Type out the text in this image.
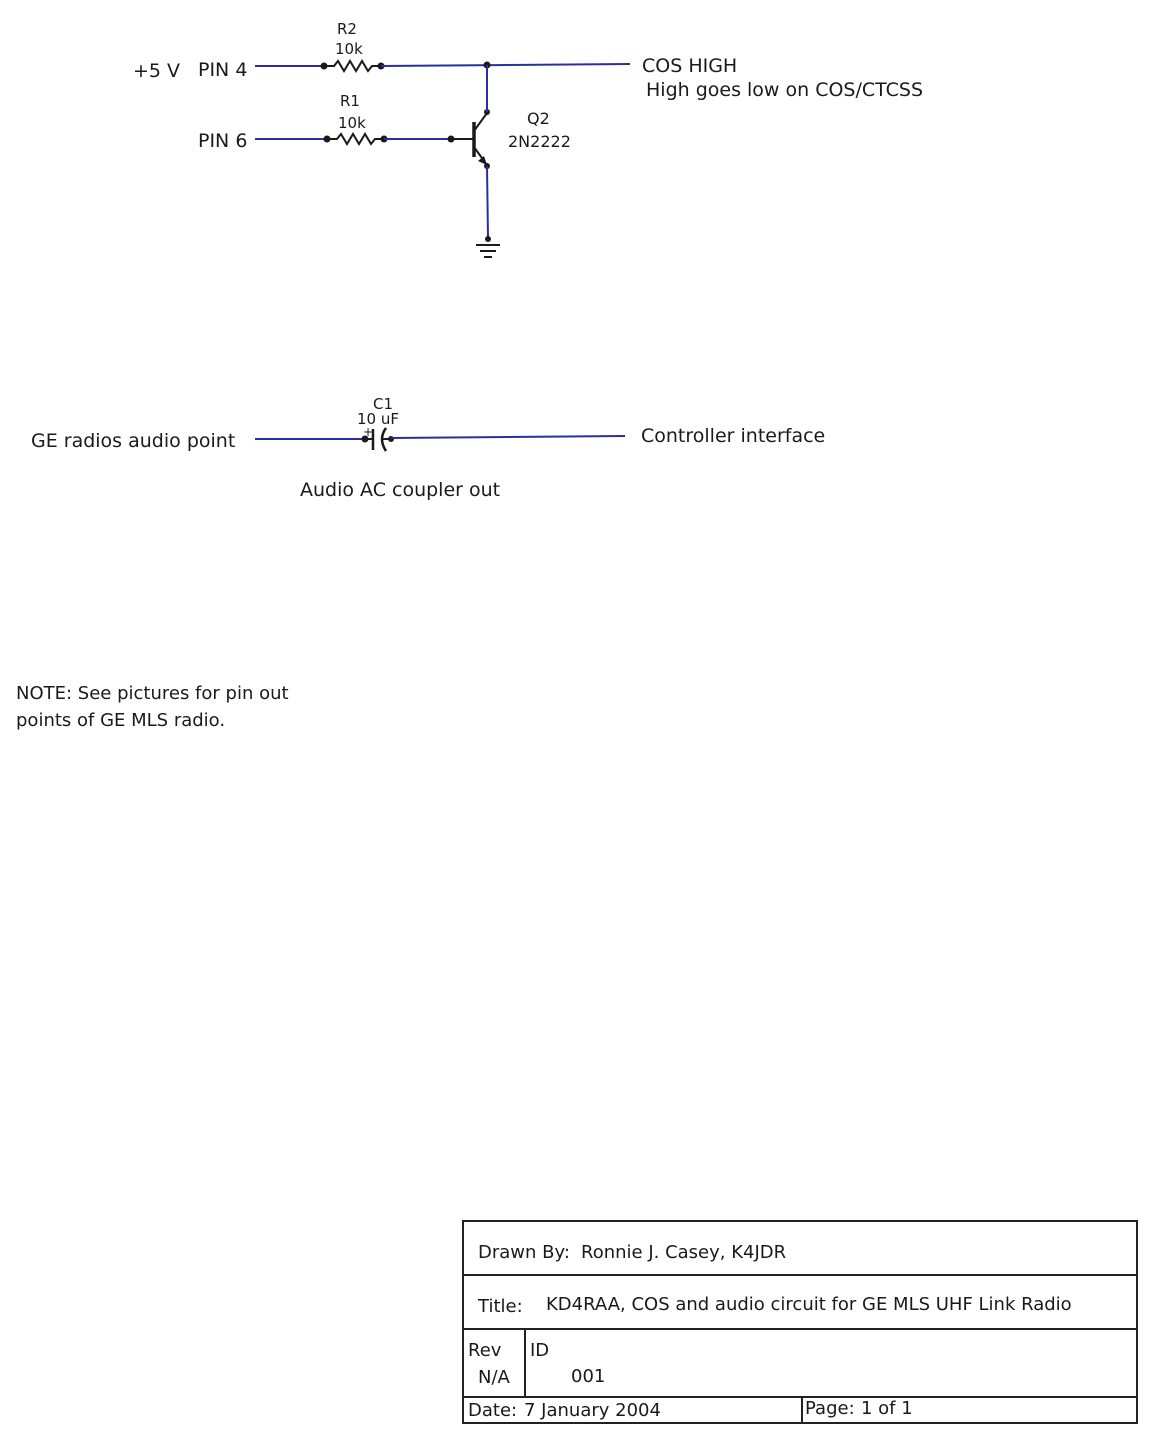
+5 V PIN 4
PIN 6
R2
10k
R1
10k	Q2
2N2222
COS HIGH
High goes low on COS/CTCSS
C1
10 uF
+
GE radios audio point	Controller interface
Audio AC coupler out
NOTE: See pictures for pin out
points of GE MLS radio.
Drawn By: Ronnie J. Casey, K4JDR
Title: KD4RAA, COS and audio circuit for GE MLS UHF Link Radio
Rev
N/A
ID
001
Date: 7 January 2004	Page: 1 of 1
